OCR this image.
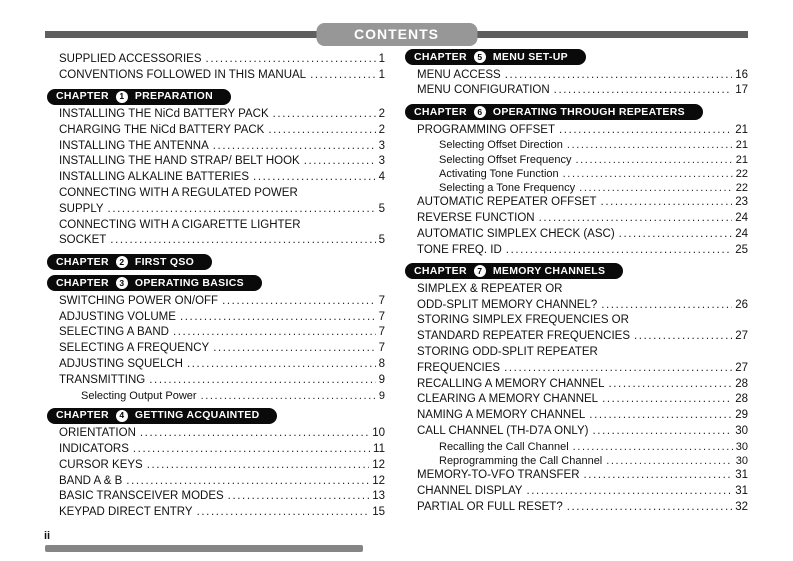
CONTENTS
SUPPLIED ACCESSORIES .....	1
CONVENTIONS FOLLOWED IN THIS MANUAL .....	1
CHAPTER	1 PREPARATION
INSTALLING THE NiCd BATTERY PACK .....	2
CHARGING THE NiCd BATTERY PACK .....	2
INSTALLING THE ANTENNA .....	3
INSTALLING THE HAND STRAP/ BELT HOOK .....	3
INSTALLING ALKALINE BATTERIES .....	4
CONNECTING WITH A REGULATED POWER
SUPPLY .....	5
CONNECTING WITH A CIGARETTE LIGHTER
SOCKET .....	5
CHAPTER	2 FIRST QSO
CHAPTER	3 OPERATING BASICS
SWITCHING POWER ON/OFF .....	7
ADJUSTING VOLUME .....	7
SELECTING A BAND .....	7
SELECTING A FREQUENCY .....	7
ADJUSTING SQUELCH .....	8
TRANSMITTING .....	9
Selecting Output Power .....	9
CHAPTER	4 GETTING ACQUAINTED
ORIENTATION .....	10
INDICATORS .....	11
CURSOR KEYS .....	12
BAND A & B .....	12
BASIC TRANSCEIVER MODES .....	13
KEYPAD DIRECT ENTRY .....	15
CHAPTER	5 MENU SET-UP
MENU ACCESS .....	16
MENU CONFIGURATION .....	17
CHAPTER	6 OPERATING THROUGH REPEATERS
PROGRAMMING OFFSET .....	21
Selecting Offset Direction .....	21
Selecting Offset Frequency .....	21
Activating Tone Function .....	22
Selecting a Tone Frequency .....	22
AUTOMATIC REPEATER OFFSET .....	23
REVERSE FUNCTION .....	24
AUTOMATIC SIMPLEX CHECK (ASC) .....	24
TONE FREQ. ID .....	25
CHAPTER	7 MEMORY CHANNELS
SIMPLEX & REPEATER OR
ODD-SPLIT MEMORY CHANNEL? .....	26
STORING SIMPLEX FREQUENCIES OR
STANDARD REPEATER FREQUENCIES .....	27
STORING ODD-SPLIT REPEATER
FREQUENCIES .....	27
RECALLING A MEMORY CHANNEL .....	28
CLEARING A MEMORY CHANNEL .....	28
NAMING A MEMORY CHANNEL .....	29
CALL CHANNEL (TH-D7A ONLY) .....	30
Recalling the Call Channel .....	30
Reprogramming the Call Channel .....	30
MEMORY-TO-VFO TRANSFER .....	31
CHANNEL DISPLAY .....	31
PARTIAL OR FULL RESET? .....	32
ii
